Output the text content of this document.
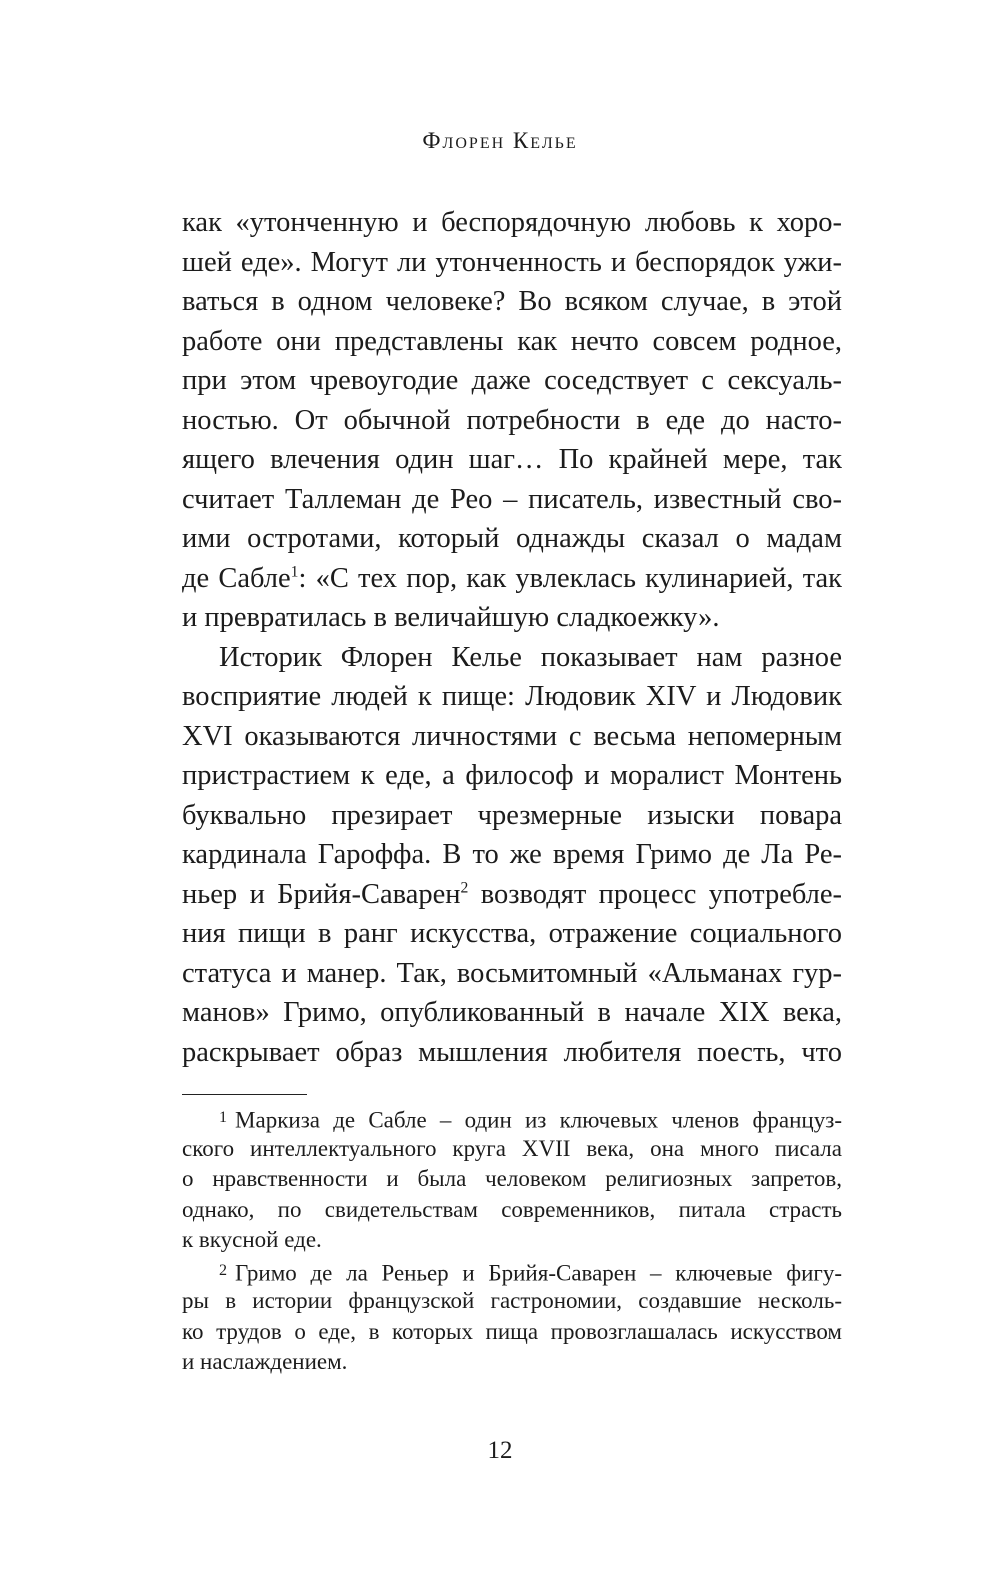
Флорен Келье
как «утонченную и беспорядочную любовь к хоро-
шей еде». Могут ли утонченность и беспорядок ужи-
ваться в одном человеке? Во всяком случае, в этой
работе они представлены как нечто совсем родное,
при этом чревоугодие даже соседствует с сексуаль-
ностью. От обычной потребности в еде до насто-
ящего влечения один шаг… По крайней мере, так
считает Таллеман де Рео – писатель, известный сво-
ими остротами, который однажды сказал о мадам
де Сабле$^1$: «С тех пор, как увлеклась кулинарией, так
и превратилась в величайшую сладкоежку».
Историк Флорен Келье показывает нам разное
восприятие людей к пище: Людовик XIV и Людовик
XVI оказываются личностями с весьма непомерным
пристрастием к еде, а философ и моралист Монтень
буквально презирает чрезмерные изыски повара
кардинала Гароффа. В то же время Гримо де Ла Ре-
ньер и Брийя-Саварен$^2$ возводят процесс употребле-
ния пищи в ранг искусства, отражение социального
статуса и манер. Так, восьмитомный «Альманах гур-
манов» Гримо, опубликованный в начале XIX века,
раскрывает образ мышления любителя поесть, что
$^1$ Маркиза де Сабле – один из ключевых членов француз-
ского интеллектуального круга XVII века, она много писала
о нравственности и была человеком религиозных запретов,
однако, по свидетельствам современников, питала страсть
к вкусной еде.
$^2$ Гримо де ла Реньер и Брийя-Саварен – ключевые фигу-
ры в истории французской гастрономии, создавшие несколь-
ко трудов о еде, в которых пища провозглашалась искусством
и наслаждением.
12
